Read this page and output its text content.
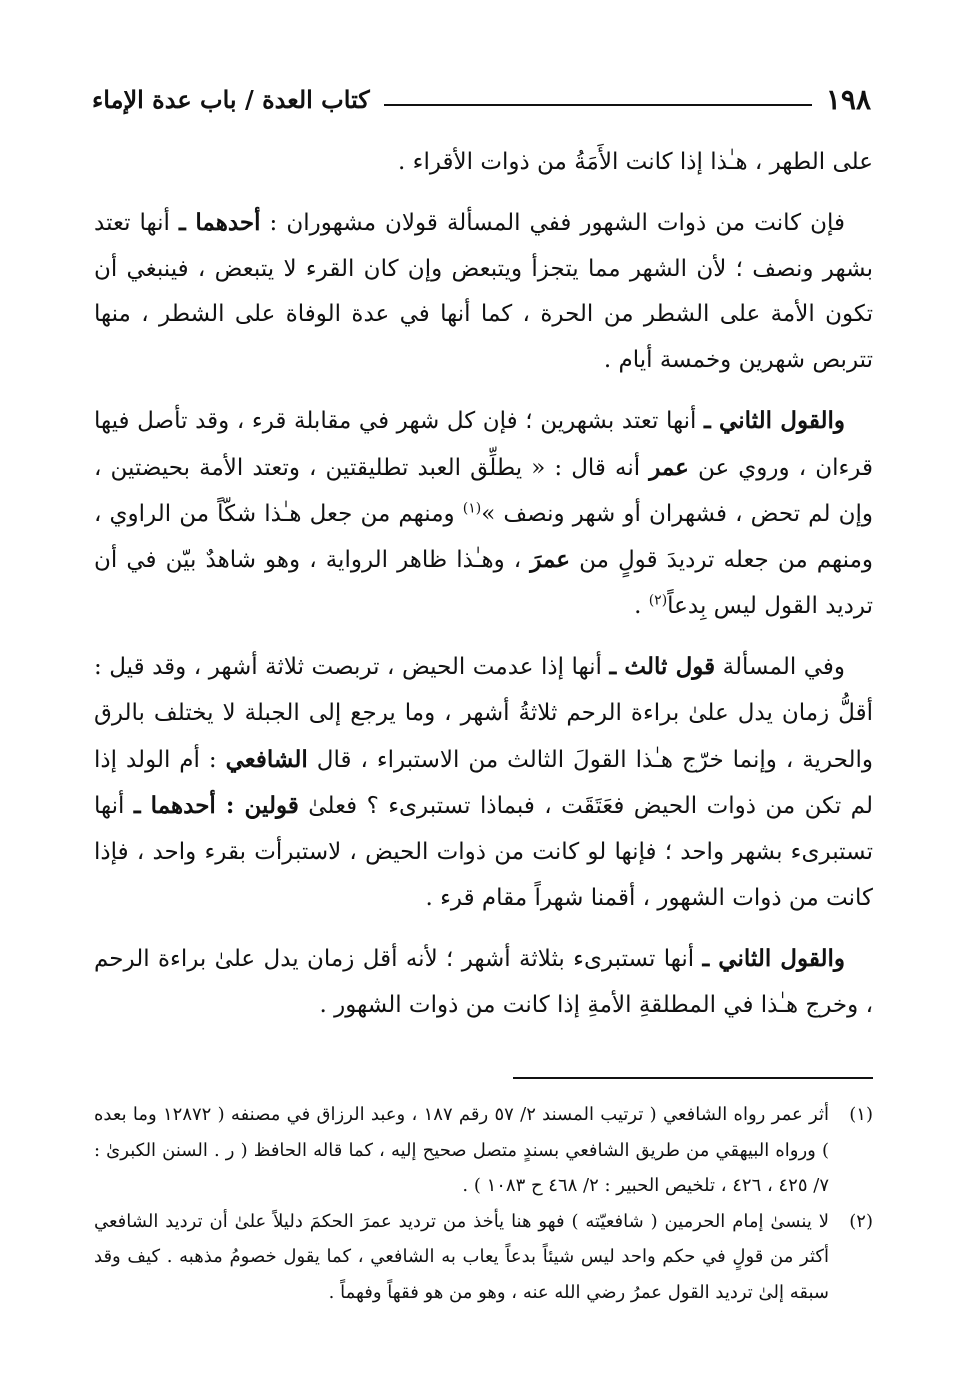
١٩٨
كتاب العدة / باب عدة الإماء

على الطهر ، هـٰذا إذا كانت الأَمَةُ من ذوات الأقراء .

فإن كانت من ذوات الشهور ففي المسألة قولان مشهوران : أحدهما ـ أنها تعتد بشهر ونصف ؛ لأن الشهر مما يتجزأ ويتبعض وإن كان القرء لا يتبعض ، فينبغي أن تكون الأمة على الشطر من الحرة ، كما أنها في عدة الوفاة على الشطر ، منها تتربص شهرين وخمسة أيام .

والقول الثاني ـ أنها تعتد بشهرين ؛ فإن كل شهر في مقابلة قرء ، وقد تأصل فيها قرءان ، وروي عن عمر أنه قال : « يطلِّق العبد تطليقتين ، وتعتد الأمة بحيضتين ، وإن لم تحض ، فشهران أو شهر ونصف »$^{(١)}$ ومنهم من جعل هـٰذا شكّاً من الراوي ، ومنهم من جعله ترديدَ قولٍ من عمرَ ، وهـٰذا ظاهر الرواية ، وهو شاهدٌ بيّن في أن ترديد القول ليس بِدعاً$^{(٢)}$ .

وفي المسألة قول ثالث ـ أنها إذا عدمت الحيض ، تربصت ثلاثة أشهر ، وقد قيل : أقلُّ زمان يدل علىٰ براءة الرحم ثلاثةُ أشهر ، وما يرجع إلى الجبلة لا يختلف بالرق والحرية ، وإنما خرّج هـٰذا القولَ الثالث من الاستبراء ، قال الشافعي : أم الولد إذا لم تكن من ذوات الحيض فعَتَقَت ، فبماذا تستبرىء ؟ فعلىٰ قولين : أحدهما ـ أنها تستبرىء بشهر واحد ؛ فإنها لو كانت من ذوات الحيض ، لاستبرأت بقرء واحد ، فإذا كانت من ذوات الشهور ، أقمنا شهراً مقام قرء .

والقول الثاني ـ أنها تستبرىء بثلاثة أشهر ؛ لأنه أقل زمان يدل علىٰ براءة الرحم ، وخرج هـٰذا في المطلقةِ الأمةِ إذا كانت من ذوات الشهور .

(١)
أثر عمر رواه الشافعي ( ترتيب المسند ٢/ ٥٧ رقم ١٨٧ ، وعبد الرزاق في مصنفه ( ١٢٨٧٢ وما بعده ) ورواه البيهقي من طريق الشافعي بسندٍ متصل صحيح إليه ، كما قاله الحافظ ( ر . السنن الكبرىٰ : ٧/ ٤٢٥ ، ٤٢٦ ، تلخيص الحبير : ٢/ ٤٦٨ ح ١٠٨٣ ) .
(٢)
لا ينسىٰ إمام الحرمين ( شافعيّته ) فهو هنا يأخذ من ترديد عمرَ الحكمَ دليلاً علىٰ أن ترديد الشافعي أكثر من قولٍ في حكم واحد ليس شيئاً بدعاً يعاب به الشافعي ، كما يقول خصومُ مذهبه . كيف وقد سبقه إلىٰ ترديد القول عمرُ رضي الله عنه ، وهو من هو فقهاً وفهماً .
